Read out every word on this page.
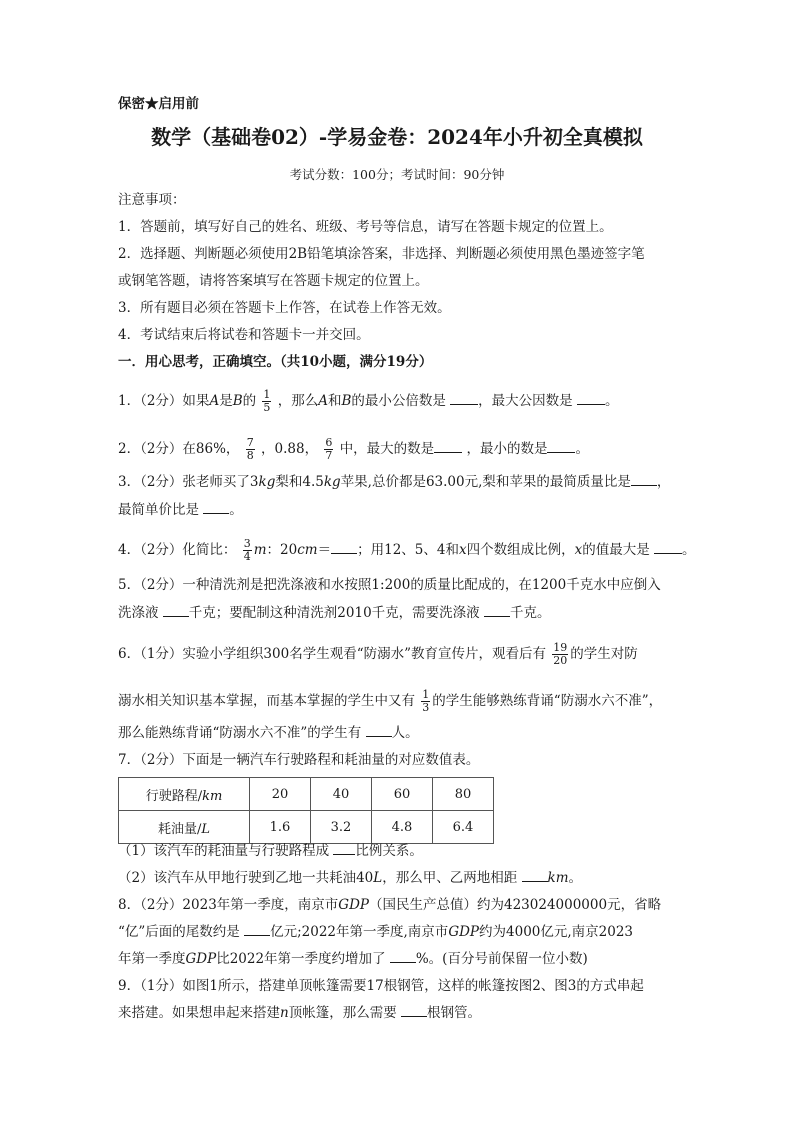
保密★启用前
数学（基础卷02）-学易金卷：2024年小升初全真模拟
考试分数：100分；考试时间：90分钟
注意事项：
1．答题前，填写好自己的姓名、班级、考号等信息，请写在答题卡规定的位置上。
2．选择题、判断题必须使用2B铅笔填涂答案，非选择、判断题必须使用黑色墨迹签字笔
或钢笔答题，请将答案填写在答题卡规定的位置上。
3．所有题目必须在答题卡上作答，在试卷上作答无效。
4．考试结束后将试卷和答题卡一并交回。
一．用心思考，正确填空。（共10小题，满分19分）
1．（2分）如果A是B的 $\frac{1}{5}$ ，那么A和B的最小公倍数是 ，最大公因数是 。
2．（2分）在86%， $\frac{7}{8}$ ，0.88， $\frac{6}{7}$ 中，最大的数是 ，最小的数是 。
3．（2分）张老师买了3kg梨和4.5kg苹果,总价都是63.00元,梨和苹果的最简质量比是 ，
最简单价比是 。
4．（2分）化简比： $\frac{3}{4}$ m：20cm＝ ；用12、5、4和x四个数组成比例，x的值最大是 。
5．（2分）一种清洗剂是把洗涤液和水按照1:200的质量比配成的，在1200千克水中应倒入
洗涤液 千克；要配制这种清洗剂2010千克，需要洗涤液 千克。
6．（1分）实验小学组织300名学生观看“防溺水”教育宣传片，观看后有 $\frac{19}{20}$ 的学生对防
溺水相关知识基本掌握，而基本掌握的学生中又有 $\frac{1}{3}$ 的学生能够熟练背诵“防溺水六不准”，
那么能熟练背诵“防溺水六不准”的学生有 人。
7．（2分）下面是一辆汽车行驶路程和耗油量的对应数值表。
行驶路程/km	20	40	60	80
耗油量/L	1.6	3.2	4.8	6.4
（1）该汽车的耗油量与行驶路程成 比例关系。
（2）该汽车从甲地行驶到乙地一共耗油40L，那么甲、乙两地相距 km。
8．（2分）2023年第一季度，南京市GDP（国民生产总值）约为423024000000元，省略
“亿”后面的尾数约是 亿元;2022年第一季度,南京市GDP约为4000亿元,南京2023
年第一季度GDP比2022年第一季度约增加了 %。(百分号前保留一位小数)
9．（1分）如图1所示，搭建单顶帐篷需要17根钢管，这样的帐篷按图2、图3的方式串起
来搭建。如果想串起来搭建n顶帐篷，那么需要 根钢管。
